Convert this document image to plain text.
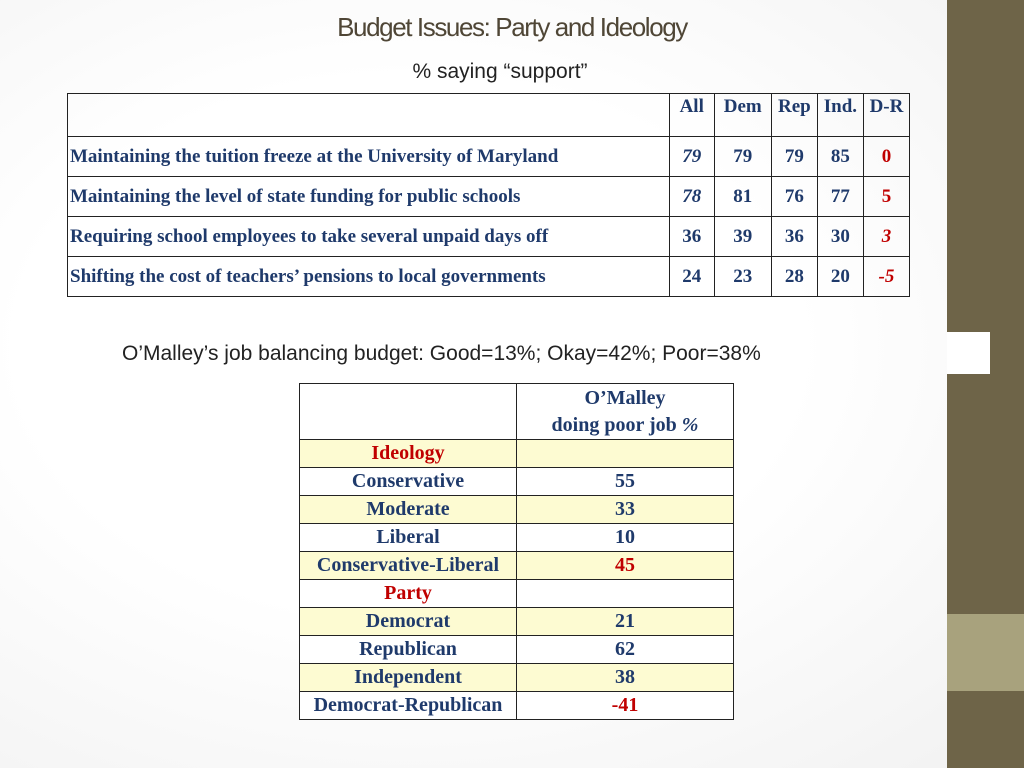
Budget Issues: Party and Ideology
% saying “support”
	All	Dem	Rep	Ind.	D-R
Maintaining the tuition freeze at the University of Maryland	79	79	79	85	0
Maintaining the level of state funding for public schools	78	81	76	77	5
Requiring school employees to take several unpaid days off	36	39	36	30	3
Shifting the cost of teachers’ pensions to local governments	24	23	28	20	-5
O’Malley’s job balancing budget: Good=13%; Okay=42%; Poor=38%
	O’Malley
doing poor job %
Ideology	
Conservative	55
Moderate	33
Liberal	10
Conservative-Liberal	45
Party	
Democrat	21
Republican	62
Independent	38
Democrat-Republican	-41
